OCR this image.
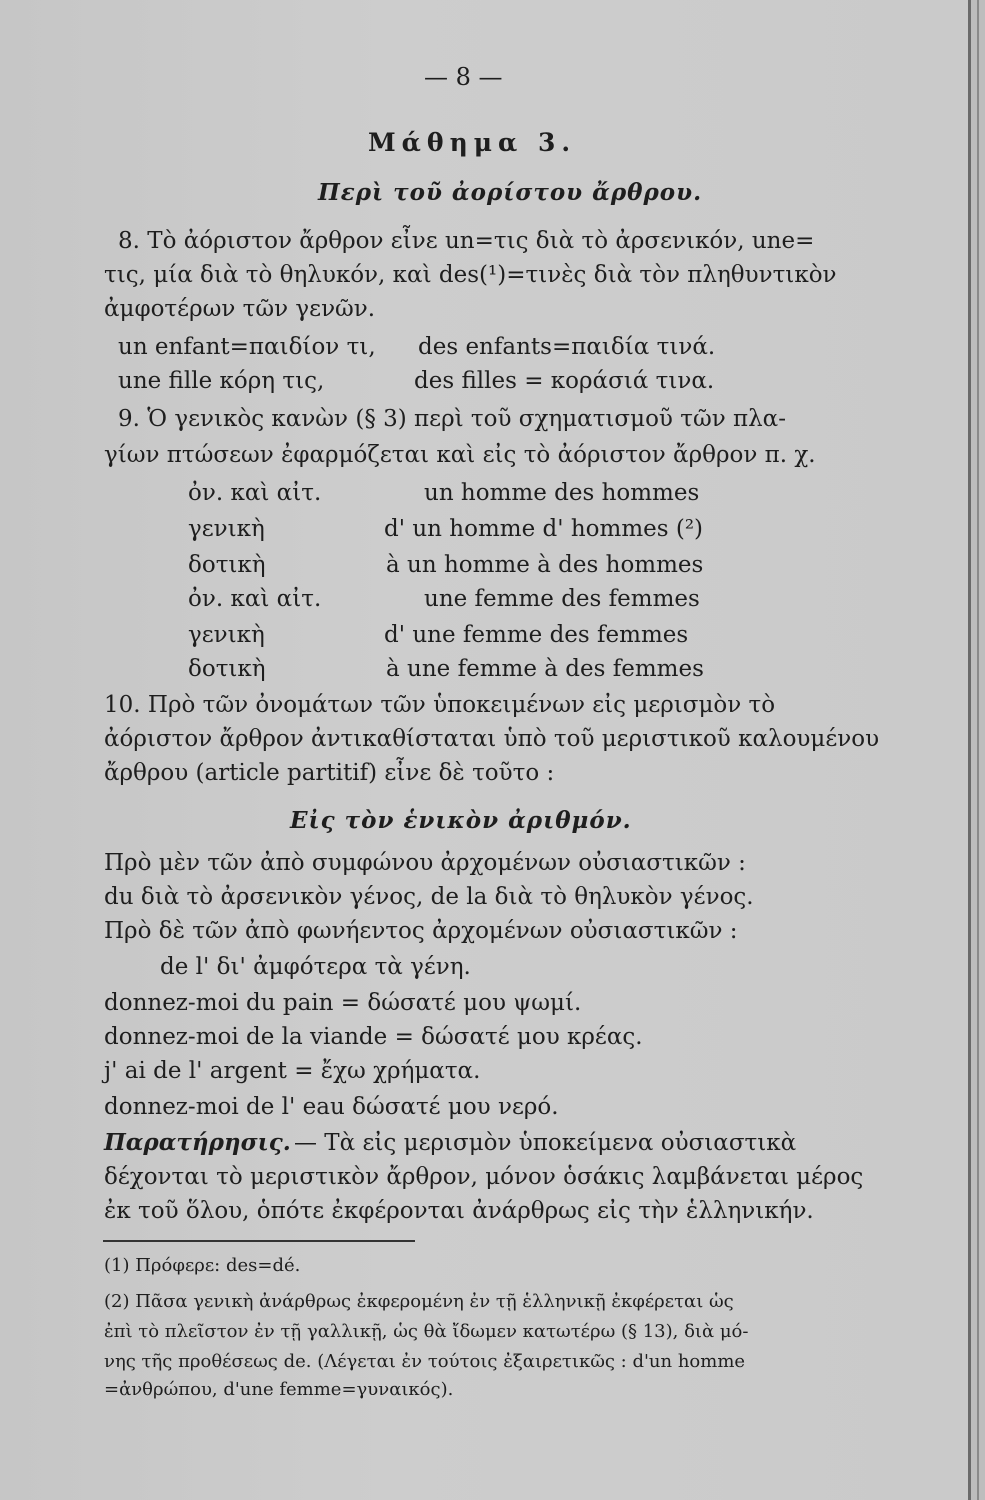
— 8 —
Μάθημα 3.
Περὶ τοῦ ἀορίστου ἄρθρου.
8. Τὸ ἀόριστον ἄρθρον εἶνε un=τις διὰ τὸ ἀρσενικόν, une=
τις, μία διὰ τὸ θηλυκόν, καὶ des(¹)=τινὲς διὰ τὸν πληθυντικὸν
ἀμφοτέρων τῶν γενῶν.
un enfant=παιδίον τι, des enfants=παιδία τινά.
une fille κόρη τις,	des filles = κοράσιά τινα.
9. Ὁ γενικὸς κανὼν (§ 3) περὶ τοῦ σχηματισμοῦ τῶν πλα-
γίων πτώσεων ἐφαρμόζεται καὶ εἰς τὸ ἀόριστον ἄρθρον π. χ.
ὀν. καὶ αἰτ.	un homme des hommes
γενικὴ	d' un homme d' hommes (²)
δοτικὴ	à un homme à des hommes
ὀν. καὶ αἰτ.	une femme des femmes
γενικὴ	d' une femme des femmes
δοτικὴ	à une femme à des femmes
10. Πρὸ τῶν ὀνομάτων τῶν ὑποκειμένων εἰς μερισμὸν τὸ
ἀόριστον ἄρθρον ἀντικαθίσταται ὑπὸ τοῦ μεριστικοῦ καλουμένου
ἄρθρου (article partitif) εἶνε δὲ τοῦτο :
Εἰς τὸν ἑνικὸν ἀριθμόν.
Πρὸ μὲν τῶν ἀπὸ συμφώνου ἀρχομένων οὐσιαστικῶν :
du διὰ τὸ ἀρσενικὸν γένος, de la διὰ τὸ θηλυκὸν γένος.
Πρὸ δὲ τῶν ἀπὸ φωνήεντος ἀρχομένων οὐσιαστικῶν :
de l' δι' ἀμφότερα τὰ γένη.
donnez-moi du pain = δώσατέ μου ψωμί.
donnez-moi de la viande = δώσατέ μου κρέας.
j' ai de l' argent = ἔχω χρήματα.
donnez-moi de l' eau δώσατέ μου νερό.
Παρατήρησις. — Τὰ εἰς μερισμὸν ὑποκείμενα οὐσιαστικὰ
δέχονται τὸ μεριστικὸν ἄρθρον, μόνον ὁσάκις λαμβάνεται μέρος
ἐκ τοῦ ὅλου, ὁπότε ἐκφέρονται ἀνάρθρως εἰς τὴν ἑλληνικήν.
(1) Πρόφερε: des=dé.
(2) Πᾶσα γενικὴ ἀνάρθρως ἐκφερομένη ἐν τῇ ἑλληνικῇ ἐκφέρεται ὡς
ἐπὶ τὸ πλεῖστον ἐν τῇ γαλλικῇ, ὡς θὰ ἴδωμεν κατωτέρω (§ 13), διὰ μό-
νης τῆς προθέσεως de. (Λέγεται ἐν τούτοις ἐξαιρετικῶς : d'un homme
=ἀνθρώπου, d'une femme=γυναικός).
